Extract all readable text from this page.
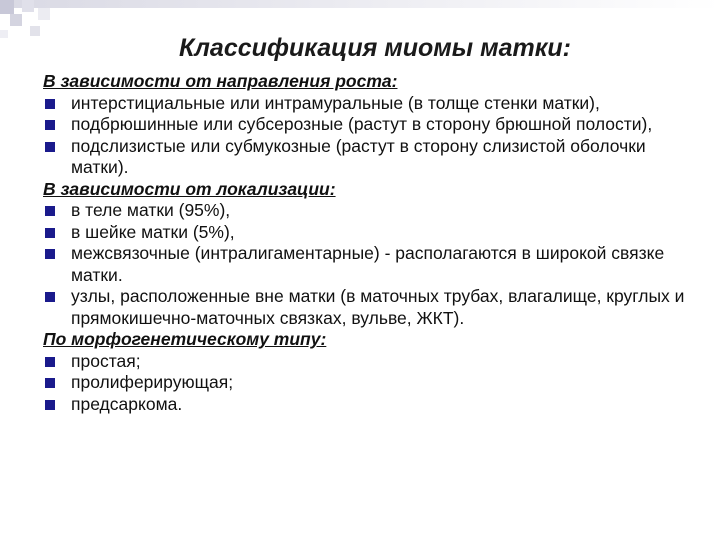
Классификация миомы матки:
В зависимости от направления роста:
интерстициальные или интрамуральные (в толще стенки матки),
подбрюшинные или субсерозные (растут в сторону брюшной полости),
подслизистые или субмукозные (растут в сторону слизистой оболочки матки).
В зависимости от локализации:
в теле матки (95%),
в шейке матки (5%),
межсвязочные (интралигаментарные) - располагаются в широкой связке матки.
узлы, расположенные вне матки (в маточных трубах, влагалище, круглых и прямокишечно-маточных связках, вульве, ЖКТ).
По морфогенетическому типу:
простая;
пролиферирующая;
предсаркома.
